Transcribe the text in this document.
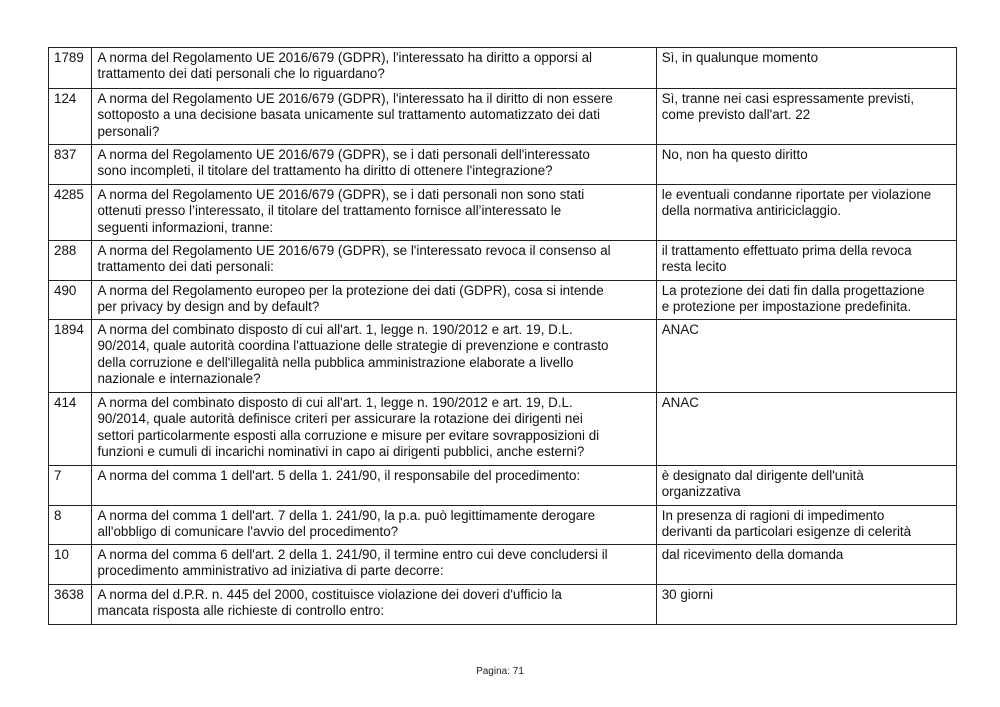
1789	A norma del Regolamento UE 2016/679 (GDPR), l'interessato ha diritto a opporsi al
trattamento dei dati personali che lo riguardano?	Sì, in qualunque momento
124	A norma del Regolamento UE 2016/679 (GDPR), l'interessato ha il diritto di non essere
sottoposto a una decisione basata unicamente sul trattamento automatizzato dei dati
personali?	Sì, tranne nei casi espressamente previsti,
come previsto dall'art. 22
837	A norma del Regolamento UE 2016/679 (GDPR), se i dati personali dell'interessato
sono incompleti, il titolare del trattamento ha diritto di ottenere l'integrazione?	No, non ha questo diritto
4285	A norma del Regolamento UE 2016/679 (GDPR), se i dati personali non sono stati
ottenuti presso l’interessato, il titolare del trattamento fornisce all’interessato le
seguenti informazioni, tranne:	le eventuali condanne riportate per violazione
della normativa antiriciclaggio.
288	A norma del Regolamento UE 2016/679 (GDPR), se l'interessato revoca il consenso al
trattamento dei dati personali:	il trattamento effettuato prima della revoca
resta lecito
490	A norma del Regolamento europeo per la protezione dei dati (GDPR), cosa si intende
per privacy by design and by default?	La protezione dei dati fin dalla progettazione
e protezione per impostazione predefinita.
1894	A norma del combinato disposto di cui all'art. 1, legge n. 190/2012 e art. 19, D.L.
90/2014, quale autorità coordina l'attuazione delle strategie di prevenzione e contrasto
della corruzione e dell'illegalità nella pubblica amministrazione elaborate a livello
nazionale e internazionale?	ANAC
414	A norma del combinato disposto di cui all'art. 1, legge n. 190/2012 e art. 19, D.L.
90/2014, quale autorità definisce criteri per assicurare la rotazione dei dirigenti nei
settori particolarmente esposti alla corruzione e misure per evitare sovrapposizioni di
funzioni e cumuli di incarichi nominativi in capo ai dirigenti pubblici, anche esterni?	ANAC
7	A norma del comma 1 dell'art. 5 della 1. 241/90, il responsabile del procedimento:	è designato dal dirigente dell'unità
organizzativa
8	A norma del comma 1 dell'art. 7 della 1. 241/90, la p.a. può legittimamente derogare
all'obbligo di comunicare l'avvio del procedimento?	In presenza di ragioni di impedimento
derivanti da particolari esigenze di celerità
10	A norma del comma 6 dell'art. 2 della 1. 241/90, il termine entro cui deve concludersi il
procedimento amministrativo ad iniziativa di parte decorre:	dal ricevimento della domanda
3638	A norma del d.P.R. n. 445 del 2000, costituisce violazione dei doveri d'ufficio la
mancata risposta alle richieste di controllo entro:	30 giorni
Pagina: 71
